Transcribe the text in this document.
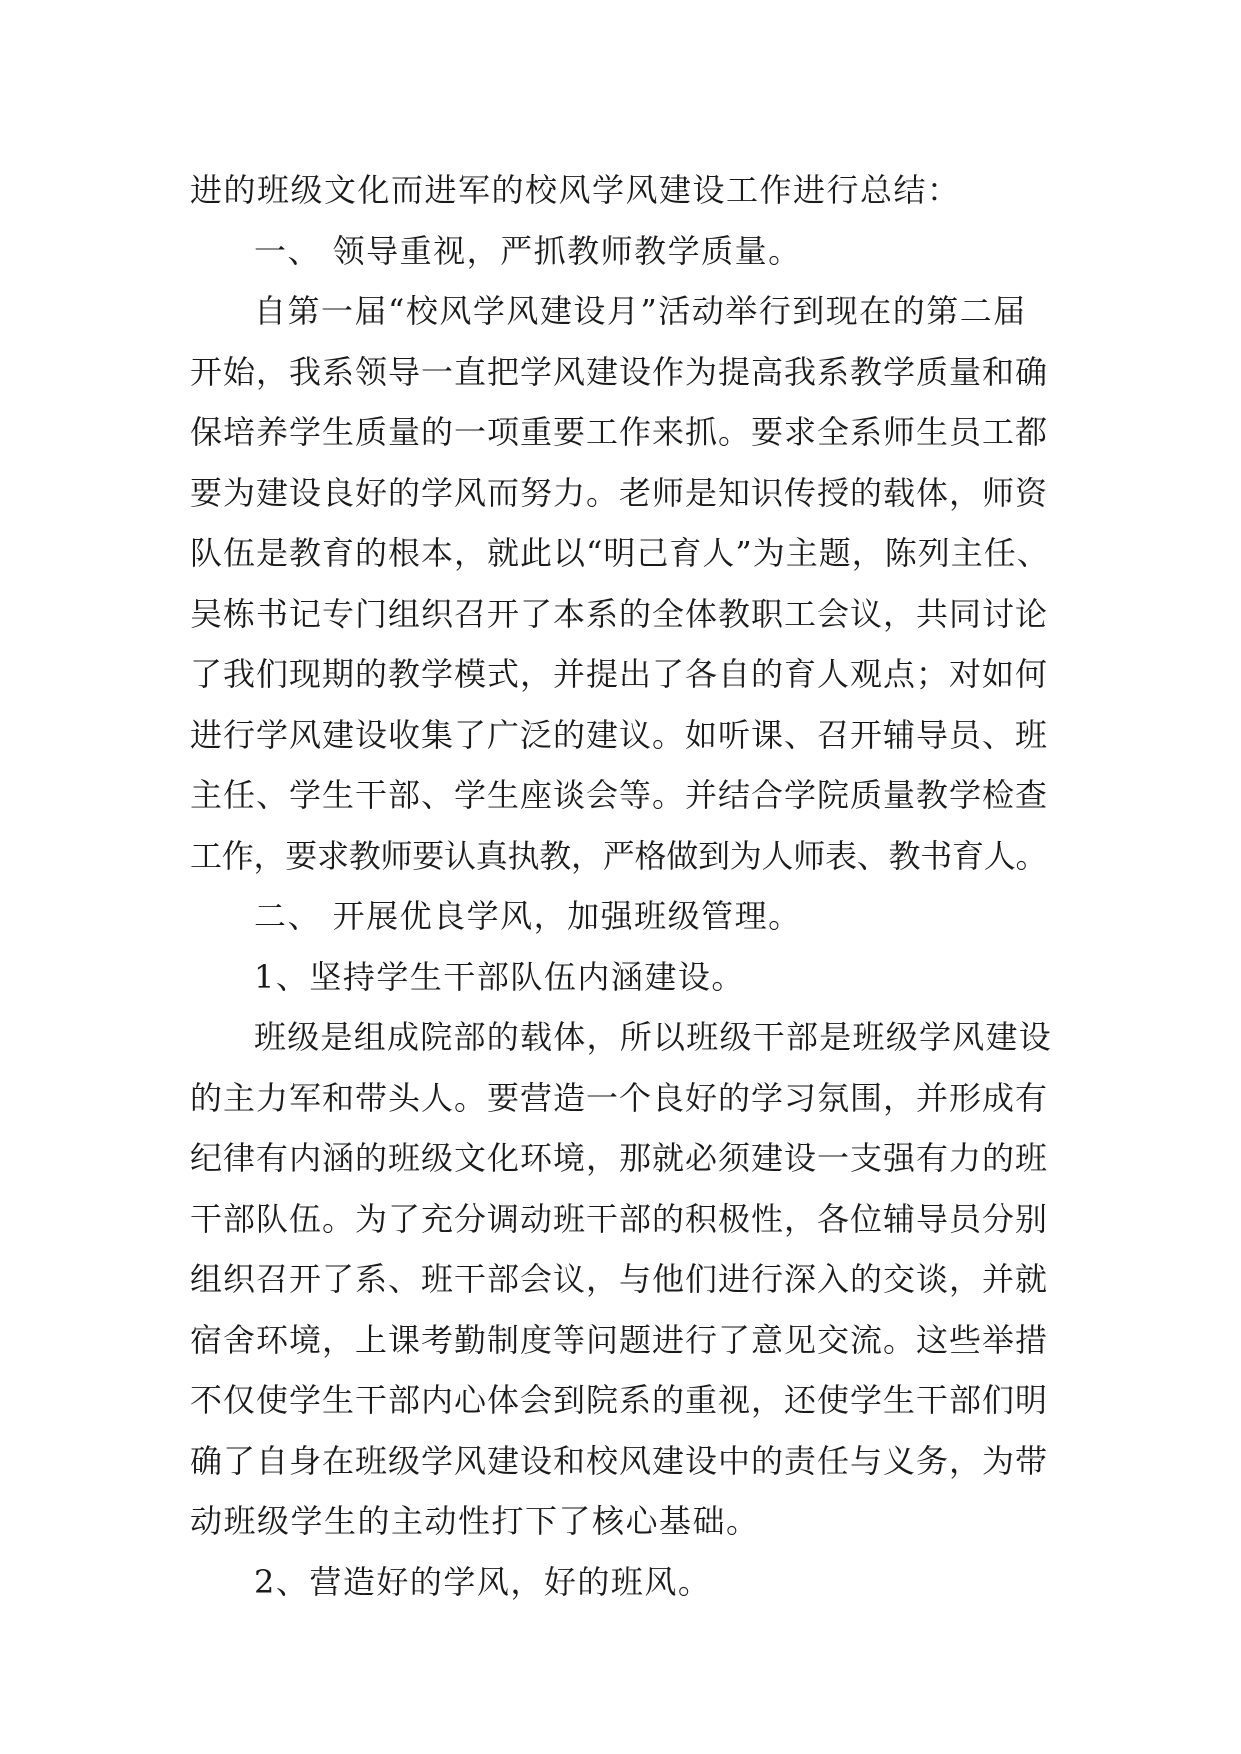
进的班级文化而进军的校风学风建设工作进行总结：
一、 领导重视，严抓教师教学质量。
自第一届“校风学风建设月”活动举行到现在的第二届
开始，我系领导一直把学风建设作为提高我系教学质量和确
保培养学生质量的一项重要工作来抓。要求全系师生员工都
要为建设良好的学风而努力。老师是知识传授的载体，师资
队伍是教育的根本，就此以“明己育人”为主题，陈列主任、
吴栋书记专门组织召开了本系的全体教职工会议，共同讨论
了我们现期的教学模式，并提出了各自的育人观点；对如何
进行学风建设收集了广泛的建议。如听课、召开辅导员、班
主任、学生干部、学生座谈会等。并结合学院质量教学检查
工作，要求教师要认真执教，严格做到为人师表、教书育人。
二、 开展优良学风，加强班级管理。
1、坚持学生干部队伍内涵建设。
班级是组成院部的载体，所以班级干部是班级学风建设
的主力军和带头人。要营造一个良好的学习氛围，并形成有
纪律有内涵的班级文化环境，那就必须建设一支强有力的班
干部队伍。为了充分调动班干部的积极性，各位辅导员分别
组织召开了系、班干部会议，与他们进行深入的交谈，并就
宿舍环境，上课考勤制度等问题进行了意见交流。这些举措
不仅使学生干部内心体会到院系的重视，还使学生干部们明
确了自身在班级学风建设和校风建设中的责任与义务，为带
动班级学生的主动性打下了核心基础。
2、营造好的学风，好的班风。
